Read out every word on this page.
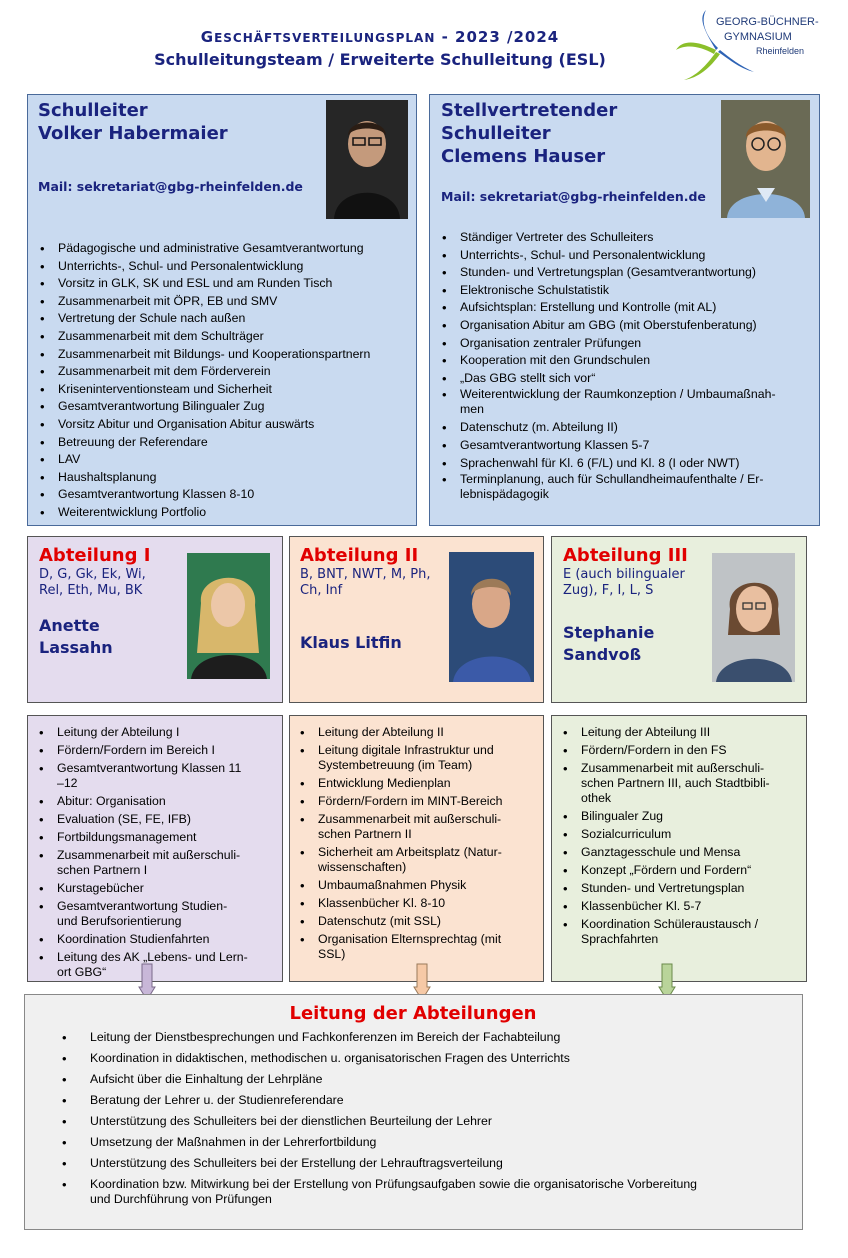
GESCHÄFTSVERTEILUNGSPLAN - 2023 /2024
Schulleitungsteam / Erweiterte Schulleitung (ESL)
GEORG-BÜCHNER-
GYMNASIUM
Rheinfelden
Schulleiter
Volker Habermaier
Mail: sekretariat@gbg-rheinfelden.de
• Pädagogische und administrative Gesamtverantwortung
• Unterrichts-, Schul- und Personalentwicklung
• Vorsitz in GLK, SK und ESL und am Runden Tisch
• Zusammenarbeit mit ÖPR, EB und SMV
• Vertretung der Schule nach außen
• Zusammenarbeit mit dem Schulträger
• Zusammenarbeit mit Bildungs- und Kooperationspartnern
• Zusammenarbeit mit dem Förderverein
• Kriseninterventionsteam und Sicherheit
• Gesamtverantwortung Bilingualer Zug
• Vorsitz Abitur und Organisation Abitur auswärts
• Betreuung der Referendare
• LAV
• Haushaltsplanung
• Gesamtverantwortung Klassen 8-10
• Weiterentwicklung Portfolio
Stellvertretender
Schulleiter
Clemens Hauser
Mail: sekretariat@gbg-rheinfelden.de
• Ständiger Vertreter des Schulleiters
• Unterrichts-, Schul- und Personalentwicklung
• Stunden- und Vertretungsplan (Gesamtverantwortung)
• Elektronische Schulstatistik
• Aufsichtsplan: Erstellung und Kontrolle (mit AL)
• Organisation Abitur am GBG (mit Oberstufenberatung)
• Organisation zentraler Prüfungen
• Kooperation mit den Grundschulen
• „Das GBG stellt sich vor“
• Weiterentwicklung der Raumkonzeption / Umbaumaßnah-
men
• Datenschutz (m. Abteilung II)
• Gesamtverantwortung Klassen 5-7
• Sprachenwahl für Kl. 6 (F/L) und Kl. 8 (I oder NWT)
• Terminplanung, auch für Schullandheimaufenthalte / Er-
lebnispädagogik
Abteilung I
D, G, Gk, Ek, Wi,
Rel, Eth, Mu, BK
Anette
Lassahn
Abteilung II
B, BNT, NWT, M, Ph,
Ch, Inf
Klaus Litfin
Abteilung III
E (auch bilingualer
Zug), F, I, L, S
Stephanie
Sandvoß
• Leitung der Abteilung I
• Fördern/Fordern im Bereich I
• Gesamtverantwortung Klassen 11
–12
• Abitur: Organisation
• Evaluation (SE, FE, IFB)
• Fortbildungsmanagement
• Zusammenarbeit mit außerschuli-
schen Partnern I
• Kurstagebücher
• Gesamtverantwortung Studien-
und Berufsorientierung
• Koordination Studienfahrten
• Leitung des AK „Lebens- und Lern-
ort GBG“
• Leitung der Abteilung II
• Leitung digitale Infrastruktur und
Systembetreuung (im Team)
• Entwicklung Medienplan
• Fördern/Fordern im MINT-Bereich
• Zusammenarbeit mit außerschuli-
schen Partnern II
• Sicherheit am Arbeitsplatz (Natur-
wissenschaften)
• Umbaumaßnahmen Physik
• Klassenbücher Kl. 8-10
• Datenschutz (mit SSL)
• Organisation Elternsprechtag (mit
SSL)
• Leitung der Abteilung III
• Fördern/Fordern in den FS
• Zusammenarbeit mit außerschuli-
schen Partnern III, auch Stadtbibli-
othek
• Bilingualer Zug
• Sozialcurriculum
• Ganztagesschule und Mensa
• Konzept „Fördern und Fordern“
• Stunden- und Vertretungsplan
• Klassenbücher Kl. 5-7
• Koordination Schüleraustausch /
Sprachfahrten
Leitung der Abteilungen
• Leitung der Dienstbesprechungen und Fachkonferenzen im Bereich der Fachabteilung
• Koordination in didaktischen, methodischen u. organisatorischen Fragen des Unterrichts
• Aufsicht über die Einhaltung der Lehrpläne
• Beratung der Lehrer u. der Studienreferendare
• Unterstützung des Schulleiters bei der dienstlichen Beurteilung der Lehrer
• Umsetzung der Maßnahmen in der Lehrerfortbildung
• Unterstützung des Schulleiters bei der Erstellung der Lehrauftragsverteilung
• Koordination bzw. Mitwirkung bei der Erstellung von Prüfungsaufgaben sowie die organisatorische Vorbereitung
und Durchführung von Prüfungen
